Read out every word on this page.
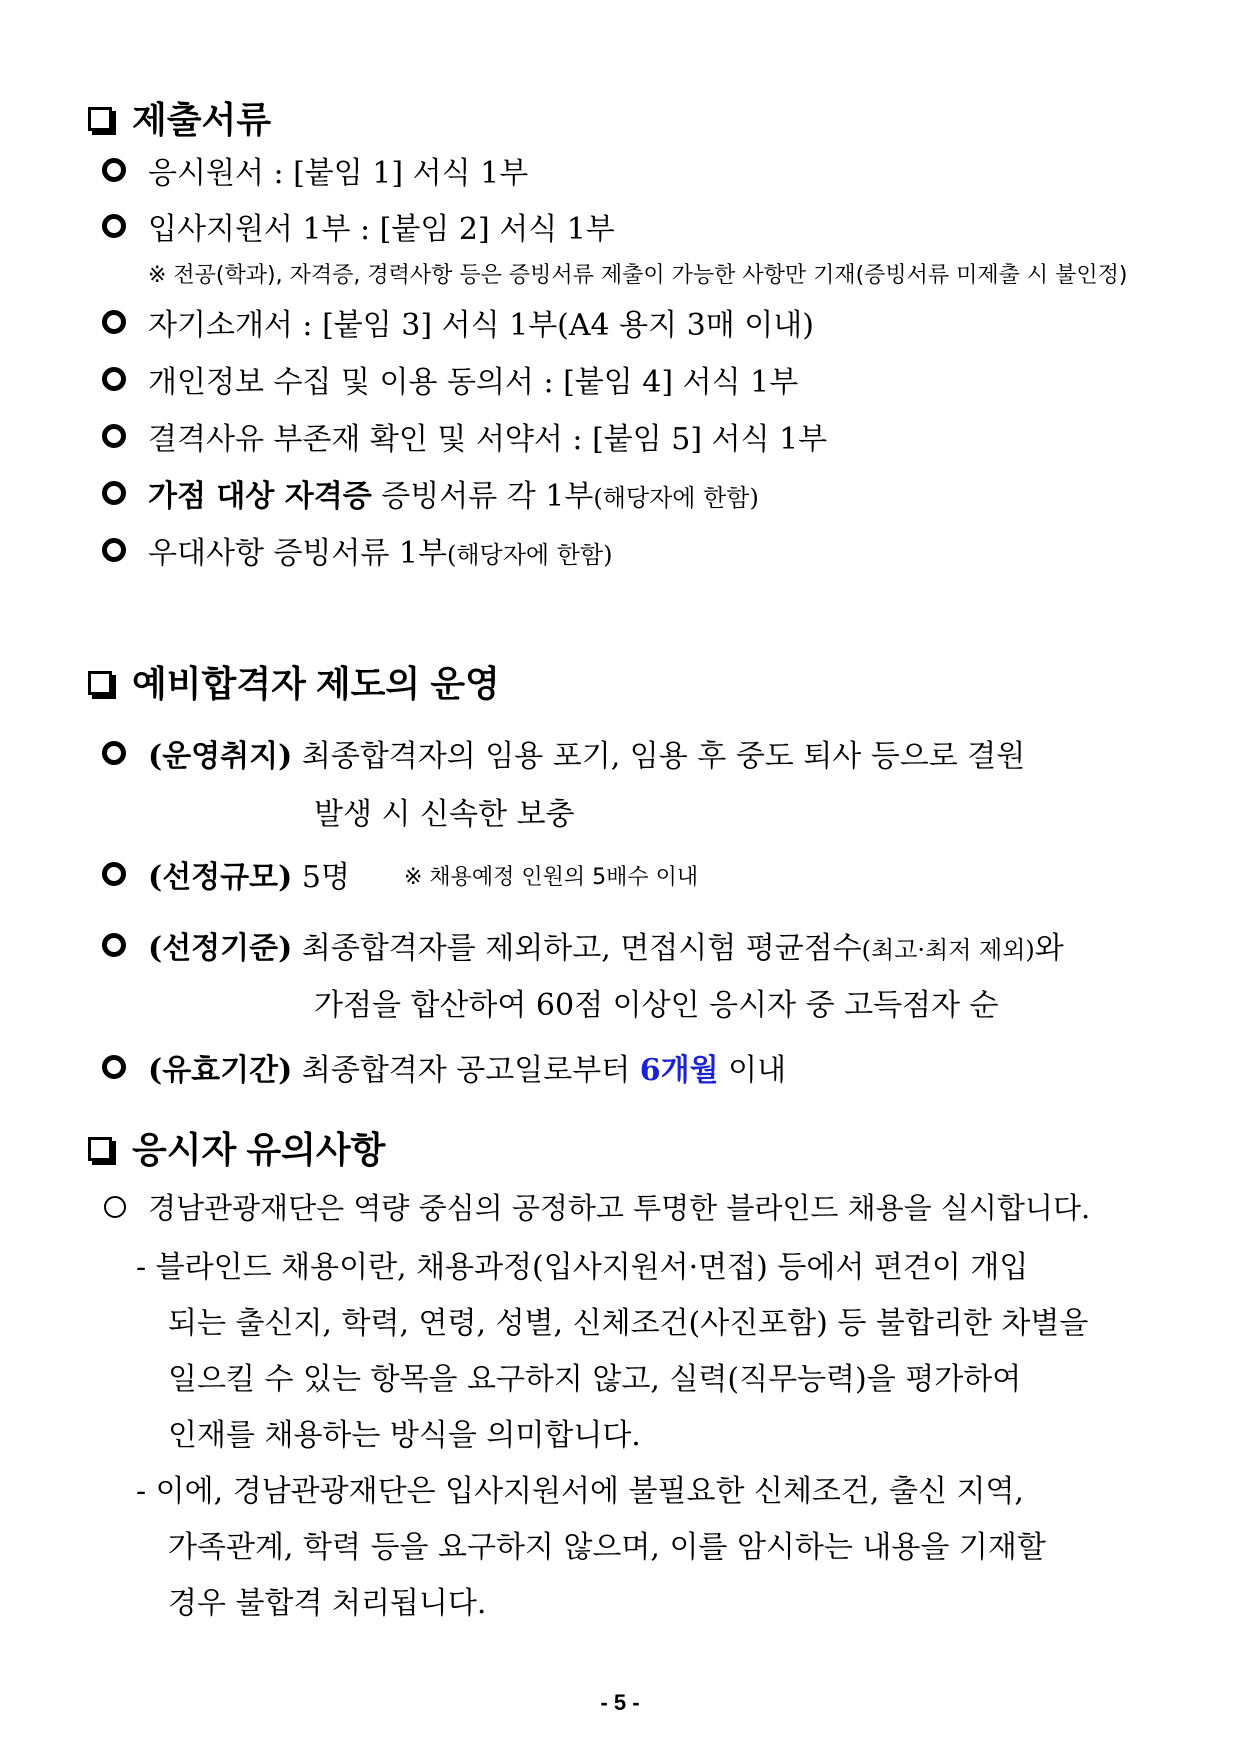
제출서류
응시원서 : [붙임 1] 서식 1부
입사지원서 1부 : [붙임 2] 서식 1부
※ 전공(학과), 자격증, 경력사항 등은 증빙서류 제출이 가능한 사항만 기재(증빙서류 미제출 시 불인정)
자기소개서 : [붙임 3] 서식 1부(A4 용지 3매 이내)
개인정보 수집 및 이용 동의서 : [붙임 4] 서식 1부
결격사유 부존재 확인 및 서약서 : [붙임 5] 서식 1부
가점 대상 자격증 증빙서류 각 1부(해당자에 한함)
우대사항 증빙서류 1부(해당자에 한함)
예비합격자 제도의 운영
(운영취지) 최종합격자의 임용 포기, 임용 후 중도 퇴사 등으로 결원
발생 시 신속한 보충
(선정규모) 5명 ※ 채용예정 인원의 5배수 이내
(선정기준) 최종합격자를 제외하고, 면접시험 평균점수(최고·최저 제외)와
가점을 합산하여 60점 이상인 응시자 중 고득점자 순
(유효기간) 최종합격자 공고일로부터 6개월 이내
응시자 유의사항
경남관광재단은 역량 중심의 공정하고 투명한 블라인드 채용을 실시합니다.
- 블라인드 채용이란, 채용과정(입사지원서·면접) 등에서 편견이 개입
되는 출신지, 학력, 연령, 성별, 신체조건(사진포함) 등 불합리한 차별을
일으킬 수 있는 항목을 요구하지 않고, 실력(직무능력)을 평가하여
인재를 채용하는 방식을 의미합니다.
- 이에, 경남관광재단은 입사지원서에 불필요한 신체조건, 출신 지역,
가족관계, 학력 등을 요구하지 않으며, 이를 암시하는 내용을 기재할
경우 불합격 처리됩니다.
- 5 -
